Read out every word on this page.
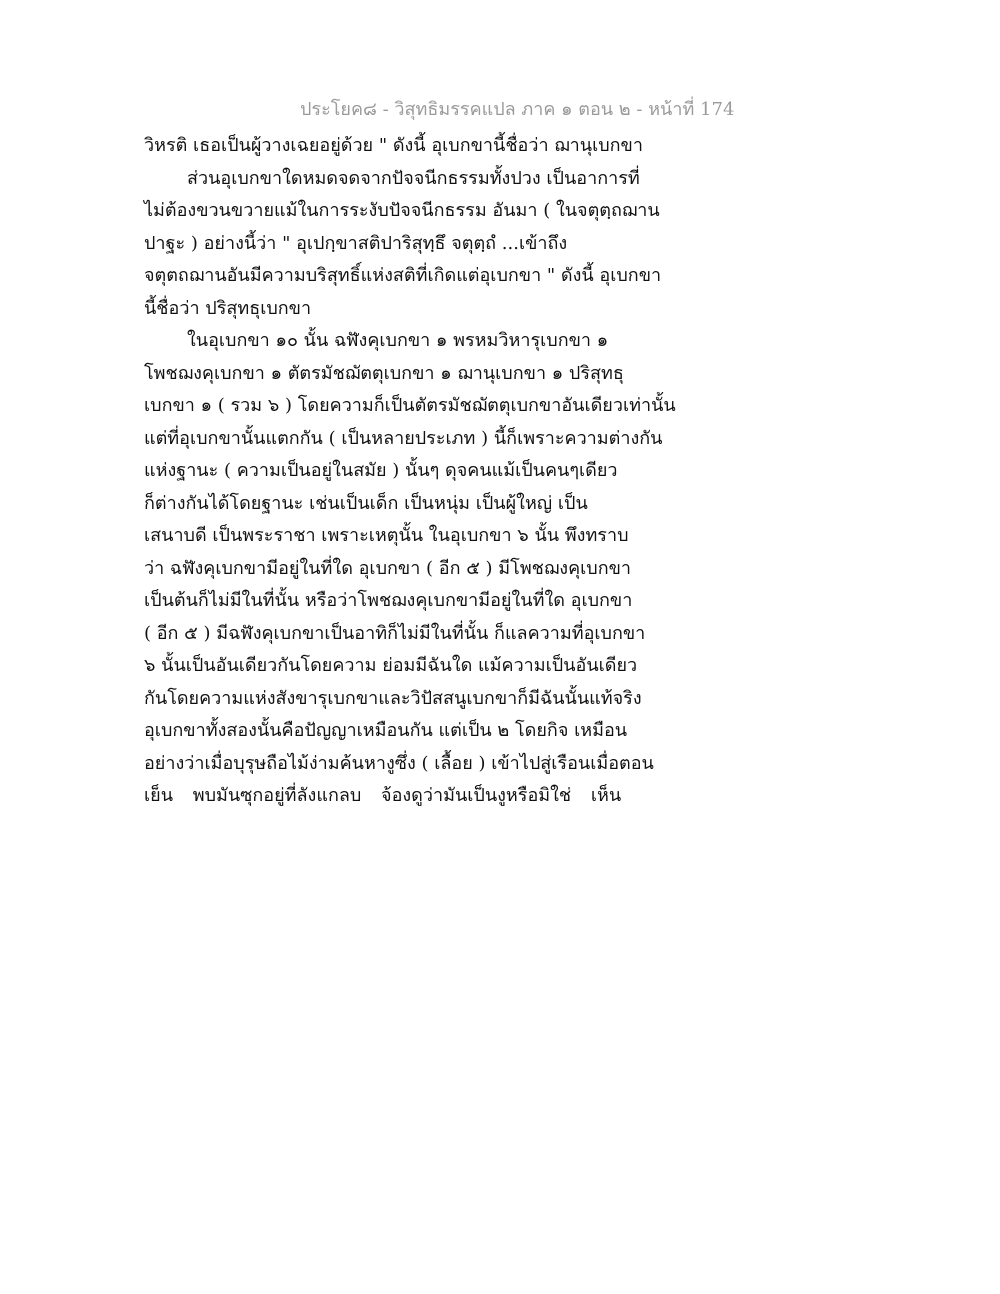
ประโยค๘ - วิสุทธิมรรคแปล ภาค ๑ ตอน ๒ - หน้าที่ 174
วิหรติ เธอเป็นผู้วางเฉยอยู่ด้วย " ดังนี้ อุเบกขานี้ชื่อว่า ฌานุเบกขา
ส่วนอุเบกขาใดหมดจดจากปัจจนีกธรรมทั้งปวง เป็นอาการที่
ไม่ต้องขวนขวายแม้ในการระงับปัจจนีกธรรม อันมา ( ในจตุตฺถฌาน
ปาฐะ ) อย่างนี้ว่า " อุเปกฺขาสติปาริสุทฺธึ จตุตฺถํ ...เข้าถึง
จตุตถฌานอันมีความบริสุทธิ์แห่งสติที่เกิดแต่อุเบกขา " ดังนี้ อุเบกขา
นี้ชื่อว่า ปริสุทธุเบกขา
ในอุเบกขา ๑๐ นั้น ฉฬังคุเบกขา ๑ พรหมวิหารุเบกขา ๑
โพชฌงคุเบกขา ๑ ตัตรมัชฌัตตุเบกขา ๑ ฌานุเบกขา ๑ ปริสุทธุ
เบกขา ๑ ( รวม ๖ ) โดยความก็เป็นตัตรมัชฌัตตุเบกขาอันเดียวเท่านั้น
แต่ที่อุเบกขานั้นแตกกัน ( เป็นหลายประเภท ) นี้ก็เพราะความต่างกัน
แห่งฐานะ ( ความเป็นอยู่ในสมัย ) นั้นๆ ดุจคนแม้เป็นคนๆเดียว
ก็ต่างกันได้โดยฐานะ เช่นเป็นเด็ก เป็นหนุ่ม เป็นผู้ใหญ่ เป็น
เสนาบดี เป็นพระราชา เพราะเหตุนั้น ในอุเบกขา ๖ นั้น พึงทราบ
ว่า ฉฬังคุเบกขามีอยู่ในที่ใด อุเบกขา ( อีก ๕ ) มีโพชฌงคุเบกขา
เป็นต้นก็ไม่มีในที่นั้น หรือว่าโพชฌงคุเบกขามีอยู่ในที่ใด อุเบกขา
( อีก ๕ ) มีฉฬังคุเบกขาเป็นอาทิก็ไม่มีในที่นั้น ก็แลความที่อุเบกขา
๖ นั้นเป็นอันเดียวกันโดยความ ย่อมมีฉันใด แม้ความเป็นอันเดียว
กันโดยความแห่งสังขารุเบกขาและวิปัสสนูเบกขาก็มีฉันนั้นแท้จริง
อุเบกขาทั้งสองนั้นคือปัญญาเหมือนกัน แต่เป็น ๒ โดยกิจ เหมือน
อย่างว่าเมื่อบุรุษถือไม้ง่ามค้นหางูซึ่ง ( เลื้อย ) เข้าไปสู่เรือนเมื่อตอน
เย็น พบมันซุกอยู่ที่ลังแกลบ จ้องดูว่ามันเป็นงูหรือมิใช่ เห็น
